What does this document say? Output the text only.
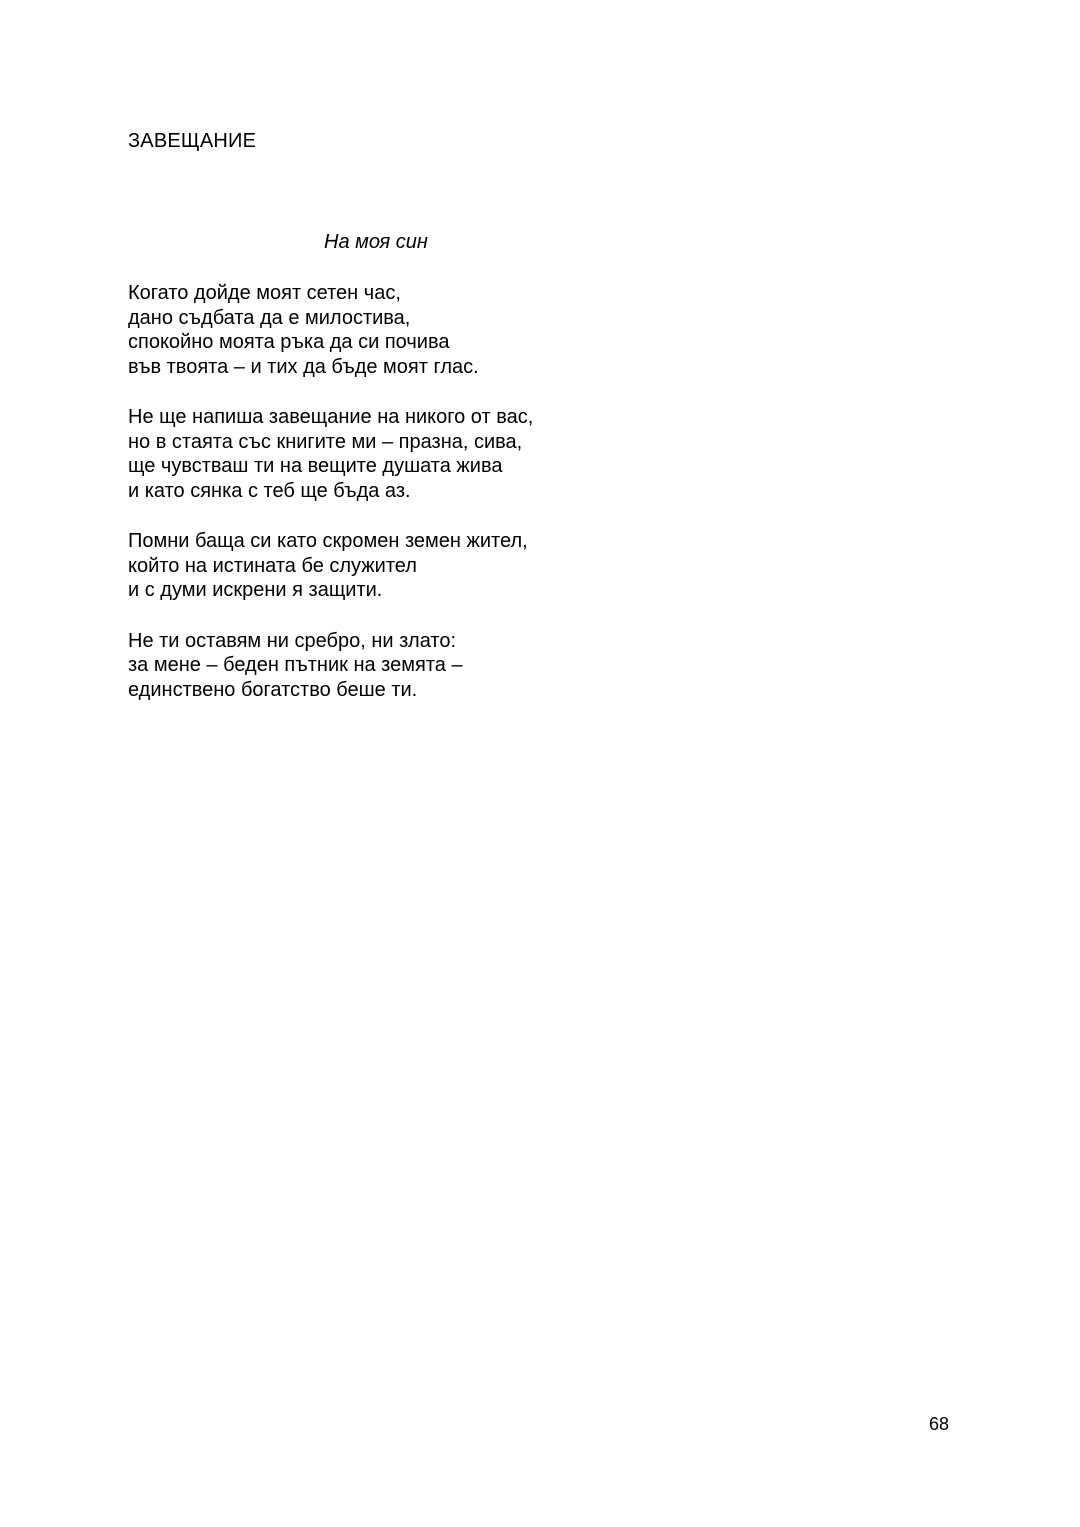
ЗАВЕЩАНИЕ
На моя син
Когато дойде моят сетен час,
дано съдбата да е милостива,
спокойно моята ръка да си почива
във твоята – и тих да бъде моят глас.
Не ще напиша завещание на никого от вас,
но в стаята със книгите ми – празна, сива,
ще чувстваш ти на вещите душата жива
и като сянка с теб ще бъда аз.
Помни баща си като скромен земен жител,
който на истината бе служител
и с думи искрени я защити.
Не ти оставям ни сребро, ни злато:
за мене – беден пътник на земята –
единствено богатство беше ти.
68
